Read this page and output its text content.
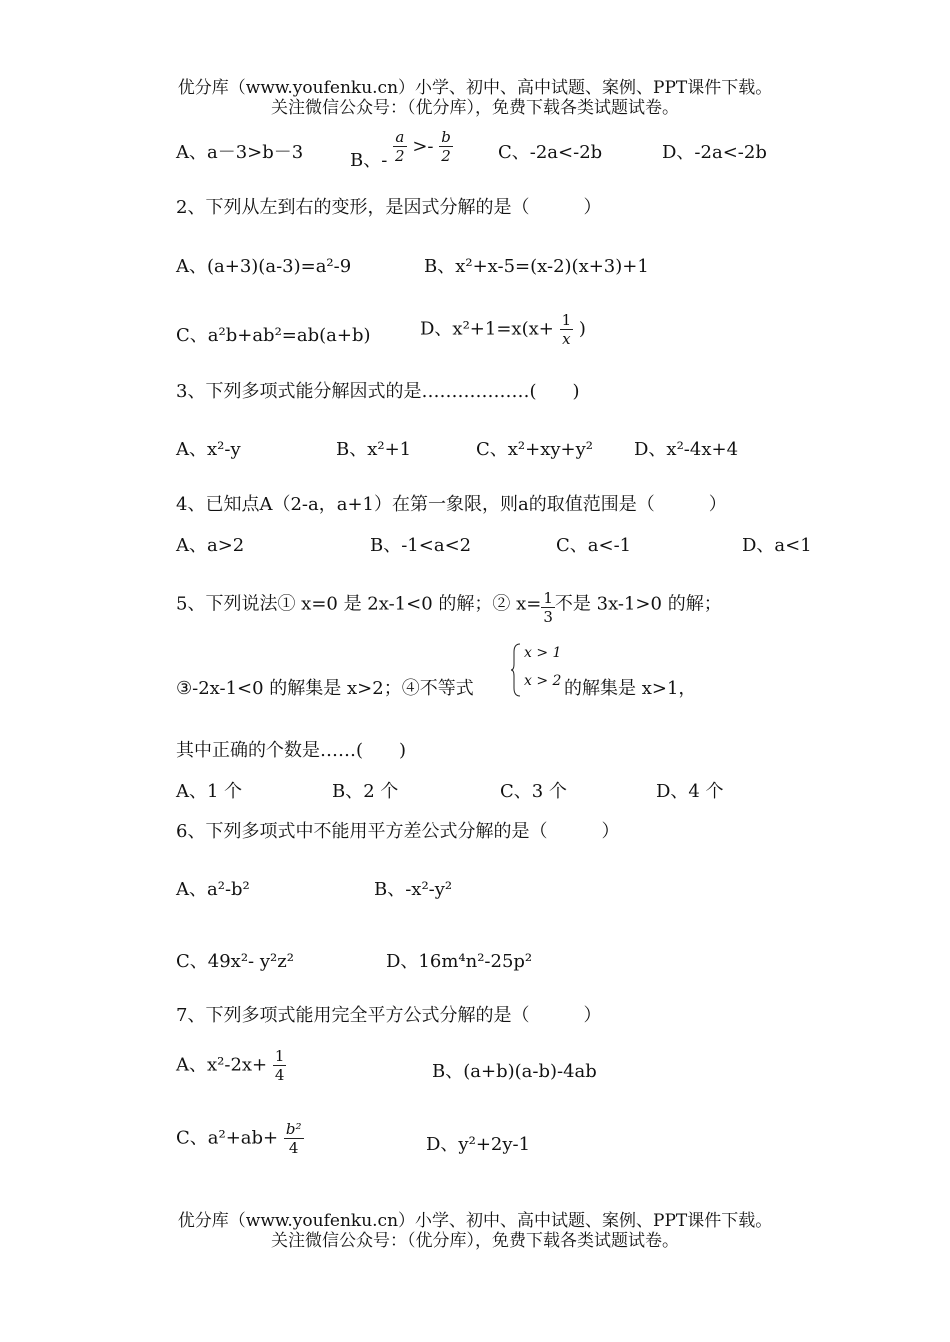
优分库（www.youfenku.cn）小学、初中、高中试题、案例、PPT课件下载。
关注微信公众号：（优分库），免费下载各类试题试卷。
A、a－3>b－3	B、- $\frac{a}{2} >- \frac{b}{2}$	C、-2a<-2b	D、-2a<-2b
2、下列从左到右的变形，是因式分解的是（　　　）
A、(a+3)(a-3)=a²-9	B、x²+x-5=(x-2)(x+3)+1
C、a²b+ab²=ab(a+b)	D、$x^2+1=x(x+ \frac{1}{x}$ )
3、下列多项式能分解因式的是………………(　　)
A、x²-y	B、x²+1	C、x²+xy+y² D、x²-4x+4
4、已知点A（2-a，a+1）在第一象限，则a的取值范围是（　　　）
A、a>2	B、-1<a<2	C、a<-1	D、a<1
5、下列说法① x=0 是 2x-1<0 的解；② $x= \frac{1}{3}$ 不是 3x-1>0 的解；
③-2x-1<0 的解集是 x>2；④不等式
x > 1
x > 2 的解集是 x>1，
其中正确的个数是……(　　)
A、1 个	B、2 个	C、3 个	D、4 个
6、下列多项式中不能用平方差公式分解的是（　　　）
A、a²-b²	B、-x²-y²
C、49x²- y²z²	D、16m⁴n²-25p²
7、下列多项式能用完全平方公式分解的是（　　　）
A、$x^2-2x+ \frac{1}{4}$	B、(a+b)(a-b)-4ab
C、$a^2+ab+ \frac{\text{b²}}{4}$	D、y²+2y-1
优分库（www.youfenku.cn）小学、初中、高中试题、案例、PPT课件下载。
关注微信公众号：（优分库），免费下载各类试题试卷。
